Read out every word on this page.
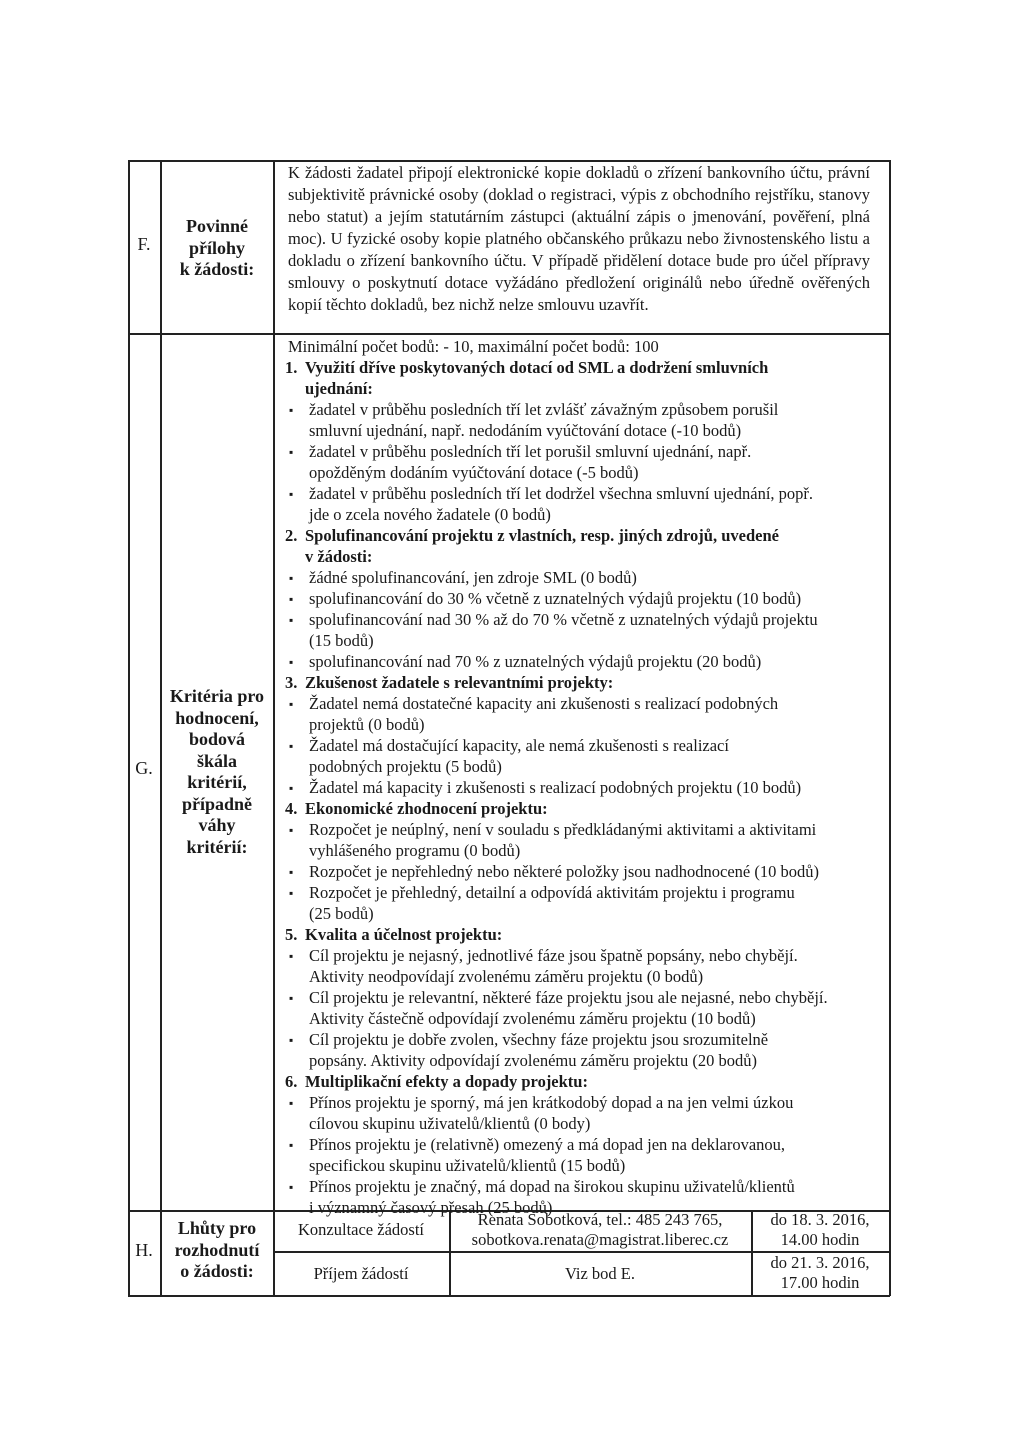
F.
Povinné
přílohy
k žádosti:
K žádosti žadatel připojí elektronické kopie dokladů o zřízení bankovního účtu, právní subjektivitě právnické osoby (doklad o registraci, výpis z obchodního rejstříku, stanovy nebo statut) a jejím statutárním zástupci (aktuální zápis o jmenování, pověření, plná moc). U fyzické osoby kopie platného občanského průkazu nebo živnostenského listu a dokladu o zřízení bankovního účtu. V případě přidělení dotace bude pro účel přípravy smlouvy o poskytnutí dotace vyžádáno předložení originálů nebo úředně ověřených kopií těchto dokladů, bez nichž nelze smlouvu uzavřít.
G.
Kritéria pro
hodnocení,
bodová
škála
kritérií,
případně
váhy
kritérií:
Minimální počet bodů: - 10, maximální počet bodů: 100
1. Využití dříve poskytovaných dotací od SML a dodržení smluvních
ujednání:
▪ žadatel v průběhu posledních tří let zvlášť závažným způsobem porušil
smluvní ujednání, např. nedodáním vyúčtování dotace (-10 bodů)
▪ žadatel v průběhu posledních tří let porušil smluvní ujednání, např.
opožděným dodáním vyúčtování dotace (-5 bodů)
▪ žadatel v průběhu posledních tří let dodržel všechna smluvní ujednání, popř.
jde o zcela nového žadatele (0 bodů)
2. Spolufinancování projektu z vlastních, resp. jiných zdrojů, uvedené
v žádosti:
▪ žádné spolufinancování, jen zdroje SML (0 bodů)
▪ spolufinancování do 30 % včetně z uznatelných výdajů projektu (10 bodů)
▪ spolufinancování nad 30 % až do 70 % včetně z uznatelných výdajů projektu
(15 bodů)
▪ spolufinancování nad 70 % z uznatelných výdajů projektu (20 bodů)
3. Zkušenost žadatele s relevantními projekty:
▪ Žadatel nemá dostatečné kapacity ani zkušenosti s realizací podobných
projektů (0 bodů)
▪ Žadatel má dostačující kapacity, ale nemá zkušenosti s realizací
podobných projektu (5 bodů)
▪ Žadatel má kapacity i zkušenosti s realizací podobných projektu (10 bodů)
4. Ekonomické zhodnocení projektu:
▪ Rozpočet je neúplný, není v souladu s předkládanými aktivitami a aktivitami
vyhlášeného programu (0 bodů)
▪ Rozpočet je nepřehledný nebo některé položky jsou nadhodnocené (10 bodů)
▪ Rozpočet je přehledný, detailní a odpovídá aktivitám projektu i programu
(25 bodů)
5. Kvalita a účelnost projektu:
▪ Cíl projektu je nejasný, jednotlivé fáze jsou špatně popsány, nebo chybějí.
Aktivity neodpovídají zvolenému záměru projektu (0 bodů)
▪ Cíl projektu je relevantní, některé fáze projektu jsou ale nejasné, nebo chybějí.
Aktivity částečně odpovídají zvolenému záměru projektu (10 bodů)
▪ Cíl projektu je dobře zvolen, všechny fáze projektu jsou srozumitelně
popsány. Aktivity odpovídají zvolenému záměru projektu (20 bodů)
6. Multiplikační efekty a dopady projektu:
▪ Přínos projektu je sporný, má jen krátkodobý dopad a na jen velmi úzkou
cílovou skupinu uživatelů/klientů (0 body)
▪ Přínos projektu je (relativně) omezený a má dopad jen na deklarovanou,
specifickou skupinu uživatelů/klientů (15 bodů)
▪ Přínos projektu je značný, má dopad na širokou skupinu uživatelů/klientů
i významný časový přesah (25 bodů)
H.
Lhůty pro
rozhodnutí
o žádosti:
Konzultace žádostí
Renata Sobotková, tel.: 485 243 765,
sobotkova.renata@magistrat.liberec.cz
do 18. 3. 2016,
14.00 hodin
Příjem žádostí	Viz bod E.
do 21. 3. 2016,
17.00 hodin
